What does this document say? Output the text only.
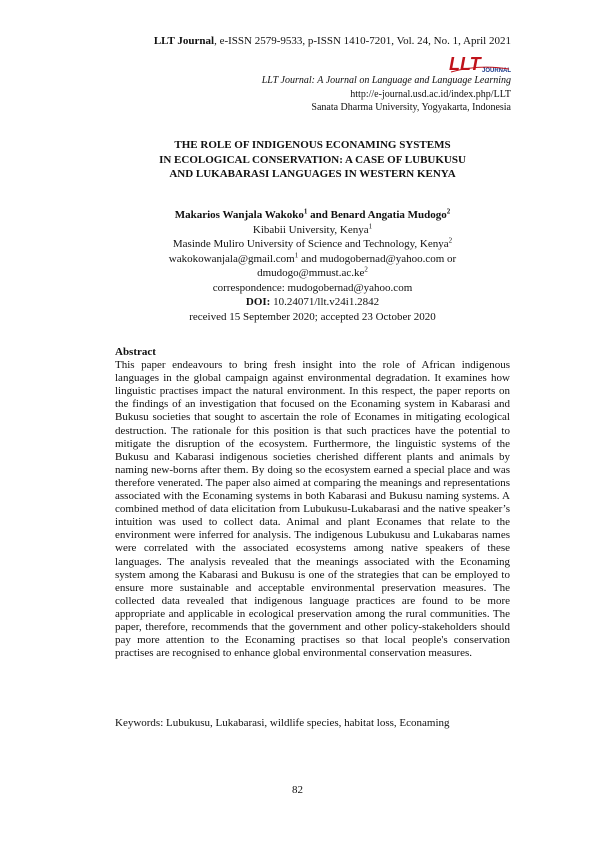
LLT Journal, e-ISSN 2579-9533, p-ISSN 1410-7201, Vol. 24, No. 1, April 2021
LLT JOURNAL
LLT Journal: A Journal on Language and Language Learning
http://e-journal.usd.ac.id/index.php/LLT
Sanata Dharma University, Yogyakarta, Indonesia
THE ROLE OF INDIGENOUS ECONAMING SYSTEMS
IN ECOLOGICAL CONSERVATION: A CASE OF LUBUKUSU
AND LUKABARASI LANGUAGES IN WESTERN KENYA
Makarios Wanjala Wakoko$^1$ and Benard Angatia Mudogo$^2$
Kibabii University, Kenya$^1$
Masinde Muliro University of Science and Technology, Kenya$^2$
wakokowanjala@gmail.com$^1$ and mudogobernad@yahoo.com or
$dmudogo@mmust.ac.ke^2$
correspondence: mudogobernad@yahoo.com
DOI: 10.24071/llt.v24i1.2842
received 15 September 2020; accepted 23 October 2020
Abstract

This paper endeavours to bring fresh insight into the role of African indigenous languages in the global campaign against environmental degradation. It examines how linguistic practises impact the natural environment. In this respect, the paper reports on the findings of an investigation that focused on the Econaming system in Kabarasi and Bukusu societies that sought to ascertain the role of Econames in mitigating ecological destruction. The rationale for this position is that such practices have the potential to mitigate the disruption of the ecosystem. Furthermore, the linguistic systems of the Bukusu and Kabarasi indigenous societies cherished different plants and animals by naming new-borns after them. By doing so the ecosystem earned a special place and was therefore venerated. The paper also aimed at comparing the meanings and representations associated with the Econaming systems in both Kabarasi and Bukusu naming systems. A combined method of data elicitation from Lubukusu-Lukabarasi and the native speaker’s intuition was used to collect data. Animal and plant Econames that relate to the environment were inferred for analysis. The indigenous Lubukusu and Lukabaras names were correlated with the associated ecosystems among native speakers of these languages. The analysis revealed that the meanings associated with the Econaming system among the Kabarasi and Bukusu is one of the strategies that can be employed to ensure more sustainable and acceptable environmental preservation measures. The collected data revealed that indigenous language practices are found to be more appropriate and applicable in ecological preservation among the rural communities. The paper, therefore, recommends that the government and other policy-stakeholders should pay more attention to the Econaming practises so that local people's conservation practises are recognised to enhance global environmental conservation measures.

Keywords: Lubukusu, Lukabarasi, wildlife species, habitat loss, Econaming
82
